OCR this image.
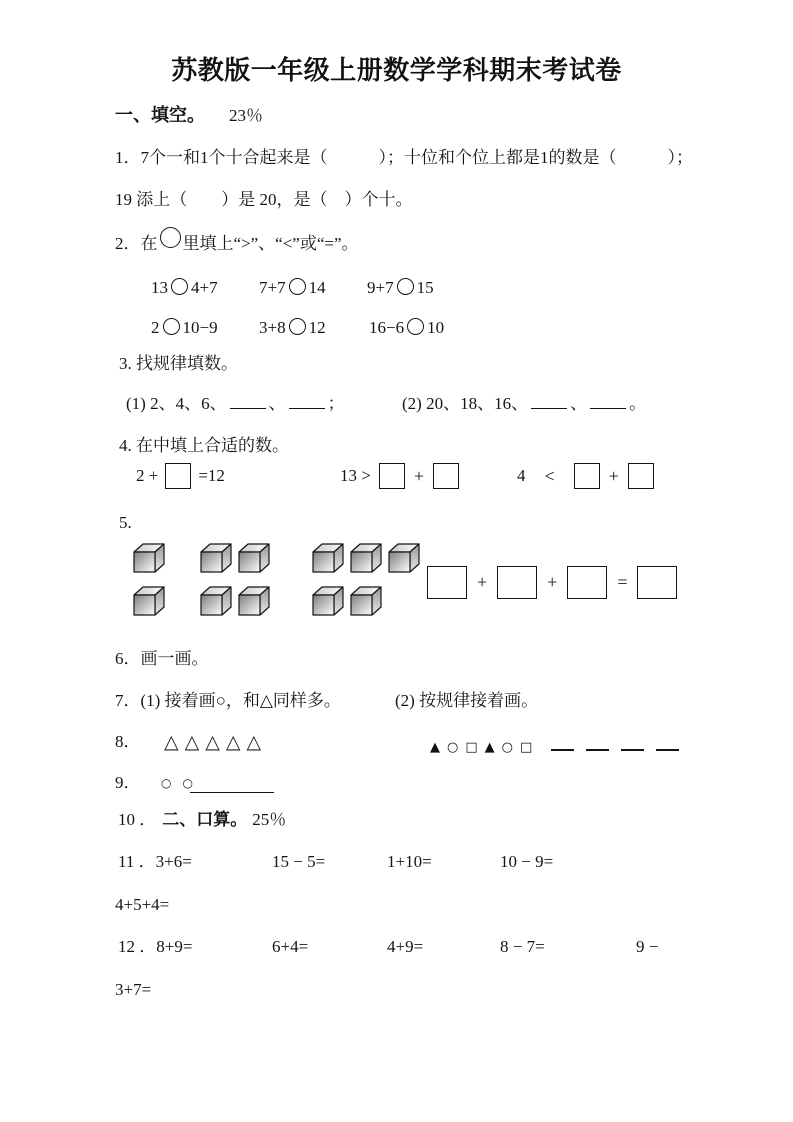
苏教版一年级上册数学学科期末考试卷
一、填空。 23％
1．7个一和1个十合起来是（　　　）；十位和个位上都是1的数是（　　　）；
19 添上（　　）是 20，是（　）个十。
2．在 里填上“>”、“<”或“=”。
13 4+7 7+7 14 9+7 15
2 10−9 3+8 12	16−6 10
3. 找规律填数。
(1) 2、4、6、 、 ；	(2) 20、18、16、 、 。
4. 在中填上合适的数。
2 + =12	13 > +	4 <	+
5.
+	+	=
6．画一画。
7．(1) 接着画○，和△同样多。	(2) 按规律接着画。
8． △△△△△	▲○□▲○□
9． ○○
10 ． 二、口算。 25％
11 ．3+6=	15 − 5=	1+10=	10 − 9=
4+5+4=
12 ．8+9=	6+4=	4+9=	8 − 7=	9 −
3+7=
